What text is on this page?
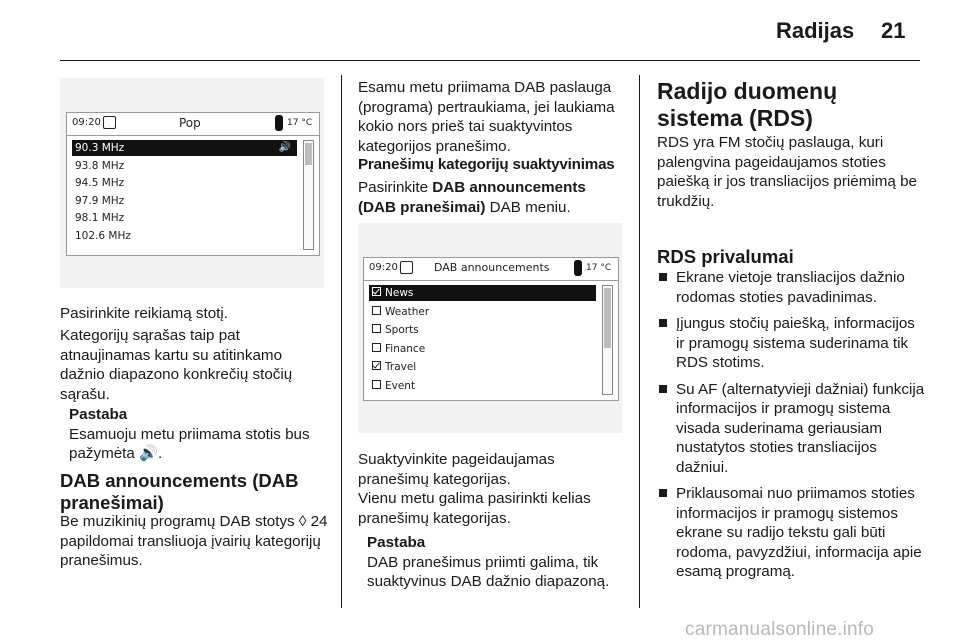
Radijas 21
09:20	Pop	17 °C
90.3 MHz	🔊
93.8 MHz
94.5 MHz
97.9 MHz
98.1 MHz
102.6 MHz

Pasirinkite reikiamą stotį.

Kategorijų sąrašas taip pat atnaujinamas kartu su atitinkamo dažnio diapazono konkrečių stočių sąrašu.

Pastaba
Esamuoju metu priimama stotis bus pažymėta 🔊.

DAB announcements (DAB pranešimai)

Be muzikinių programų DAB stotys ◊ 24 papildomai transliuoja įvairių kategorijų pranešimus.

Esamu metu priimama DAB paslauga (programa) pertraukiama, jei laukiama kokio nors prieš tai suaktyvintos kategorijos pranešimo.

Pranešimų kategorijų suaktyvinimas

Pasirinkite DAB announcements (DAB pranešimai) DAB meniu.

09:20	DAB announcements	17 °C
News
Weather
Sports
Finance
Travel
Event

Suaktyvinkite pageidaujamas pranešimų kategorijas.

Vienu metu galima pasirinkti kelias pranešimų kategorijas.

Pastaba
DAB pranešimus priimti galima, tik suaktyvinus DAB dažnio diapazoną.

Radijo duomenų sistema (RDS)

RDS yra FM stočių paslauga, kuri palengvina pageidaujamos stoties paiešką ir jos transliacijos priėmimą be trukdžių.

RDS privalumai

Ekrane vietoje transliacijos dažnio rodomas stoties pavadinimas.
Įjungus stočių paiešką, informacijos ir pramogų sistema suderinama tik RDS stotims.
Su AF (alternatyvieji dažniai) funkcija informacijos ir pramogų sistema visada suderinama geriausiam nustatytos stoties transliacijos dažniui.
Priklausomai nuo priimamos stoties informacijos ir pramogų sistemos ekrane su radijo tekstu gali būti rodoma, pavyzdžiui, informacija apie esamą programą.
carmanualsonline.info
